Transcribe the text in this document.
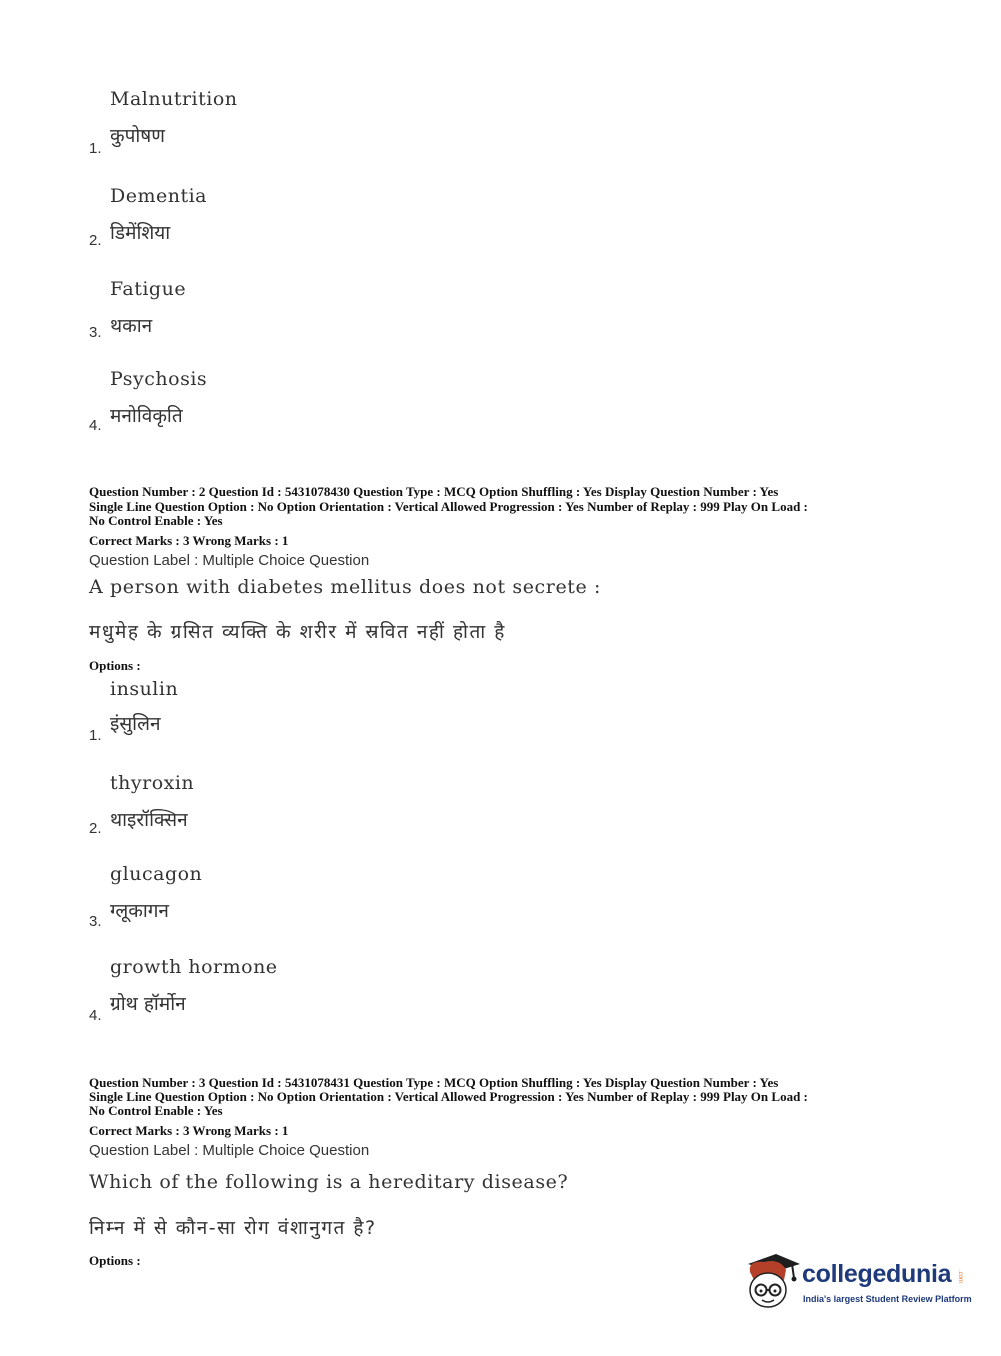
Malnutrition
कुपोषण
1.
Dementia
डिमेंशिया
2.
Fatigue
थकान
3.
Psychosis
मनोविकृति
4.
Question Number : 2 Question Id : 5431078430 Question Type : MCQ Option Shuffling : Yes Display Question Number : Yes
Single Line Question Option : No Option Orientation : Vertical Allowed Progression : Yes Number of Replay : 999 Play On Load :
No Control Enable : Yes
Correct Marks : 3 Wrong Marks : 1
Question Label : Multiple Choice Question
A person with diabetes mellitus does not secrete :
मधुमेह के ग्रसित व्यक्ति के शरीर में स्रवित नहीं होता है
Options :
insulin
इंसुलिन
1.
thyroxin
थाइरॉक्सिन
2.
glucagon
ग्लूकागन
3.
growth hormone
ग्रोथ हॉर्मोन
4.
Question Number : 3 Question Id : 5431078431 Question Type : MCQ Option Shuffling : Yes Display Question Number : Yes
Single Line Question Option : No Option Orientation : Vertical Allowed Progression : Yes Number of Replay : 999 Play On Load :
No Control Enable : Yes
Correct Marks : 3 Wrong Marks : 1
Question Label : Multiple Choice Question
Which of the following is a hereditary disease?
निम्न में से कौन-सा रोग वंशानुगत है?
Options :	collegedunia .com
India's largest Student Review Platform
